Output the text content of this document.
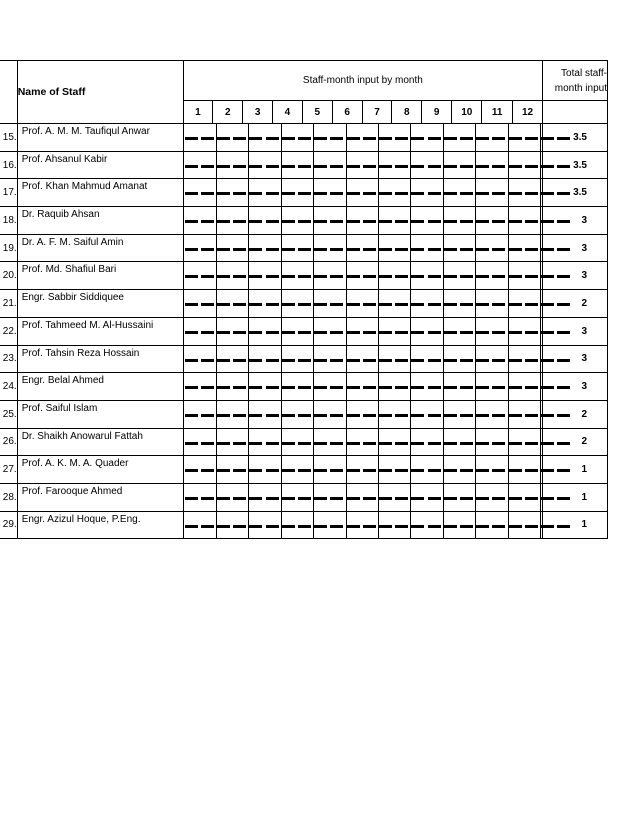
	Name of Staff	Staff-month input by month												Total staff-
month input

		1	2	3	4	5	6	7	8	9	10	11	12	
15.	Prof. A. M. M. Taufiqul Anwar													3.5
16.	Prof. Ahsanul Kabir													3.5
17.	Prof. Khan Mahmud Amanat													3.5
18.	Dr. Raquib Ahsan													3
19.	Dr. A. F. M. Saiful Amin													3
20.	Prof. Md. Shafiul Bari													3
21.	Engr. Sabbir Siddiquee													2
22.	Prof. Tahmeed M. Al-Hussaini													3
23.	Prof. Tahsin Reza Hossain													3
24.	Engr. Belal Ahmed													3
25.	Prof. Saiful Islam													2
26.	Dr. Shaikh Anowarul Fattah													2
27.	Prof. A. K. M. A. Quader													1
28.	Prof. Farooque Ahmed													1
29.	Engr. Azizul Hoque, P.Eng.													1
